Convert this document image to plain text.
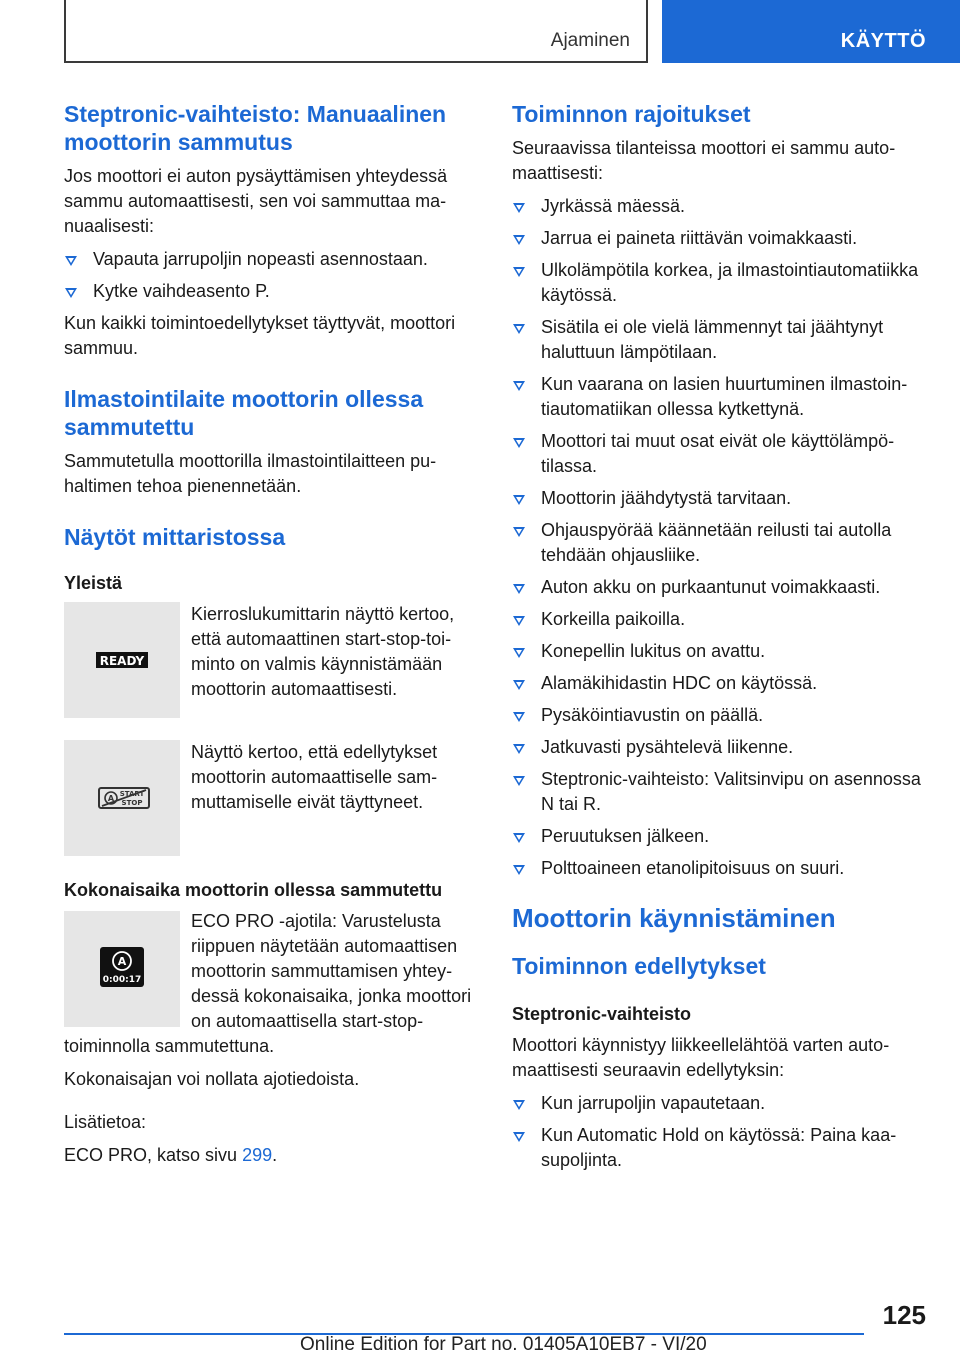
Ajaminen	KÄYTTÖ
Steptronic-vaihteisto: Manuaalinen moottorin sammutus

Jos moottori ei auton pysäyttämisen yhteydessä sammu automaattisesti, sen voi sammuttaa manuaalisesti:

Vapauta jarrupoljin nopeasti asennostaan.
Kytke vaihdeasento P.

Kun kaikki toimintoedellytykset täyttyvät, moottori sammuu.

Ilmastointilaite moottorin ollessa sammutettu

Sammutetulla moottorilla ilmastointilaitteen puhaltimen tehoa pienennetään.

Näytöt mittaristossa
Yleistä
READY

Kierroslukumittarin näyttö kertoo, että automaattinen start-stop-toiminto on valmis käynnistämään moottorin automaattisesti.

A START
STOP

Näyttö kertoo, että edellytykset moottorin automaattiselle sammuttamiselle eivät täyttyneet.

Kokonaisaika moottorin ollessa sammutettu
A
0:00:17

ECO PRO -ajotila: Varustelusta riippuen näytetään automaattisen moottorin sammuttamisen yhteydessä kokonaisaika, jonka moottori on automaattisella start-stop-toiminnolla sammutettuna.

Kokonaisajan voi nollata ajotiedoista.

Lisätietoa:

ECO PRO, katso sivu 299.

Toiminnon rajoitukset

Seuraavissa tilanteissa moottori ei sammu automaattisesti:

Jyrkässä mäessä.
Jarrua ei paineta riittävän voimakkaasti.
Ulkolämpötila korkea, ja ilmastointiautomatiikka käytössä.
Sisätila ei ole vielä lämmennyt tai jäähtynyt haluttuun lämpötilaan.
Kun vaarana on lasien huurtuminen ilmastointiautomatiikan ollessa kytkettynä.
Moottori tai muut osat eivät ole käyttölämpötilassa.
Moottorin jäähdytystä tarvitaan.
Ohjauspyörää käännetään reilusti tai autolla tehdään ohjausliike.
Auton akku on purkaantunut voimakkaasti.
Korkeilla paikoilla.
Konepellin lukitus on avattu.
Alamäkihidastin HDC on käytössä.
Pysäköintiavustin on päällä.
Jatkuvasti pysähtelevä liikenne.
Steptronic-vaihteisto: Valitsinvipu on asennossa N tai R.
Peruutuksen jälkeen.
Polttoaineen etanolipitoisuus on suuri.
Moottorin käynnistäminen
Toiminnon edellytykset
Steptronic-vaihteisto

Moottori käynnistyy liikkeellelähtöä varten automaattisesti seuraavin edellytyksin:

Kun jarrupoljin vapautetaan.
Kun Automatic Hold on käytössä: Paina kaasupoljinta.
125
Online Edition for Part no. 01405A10EB7 - VI/20
